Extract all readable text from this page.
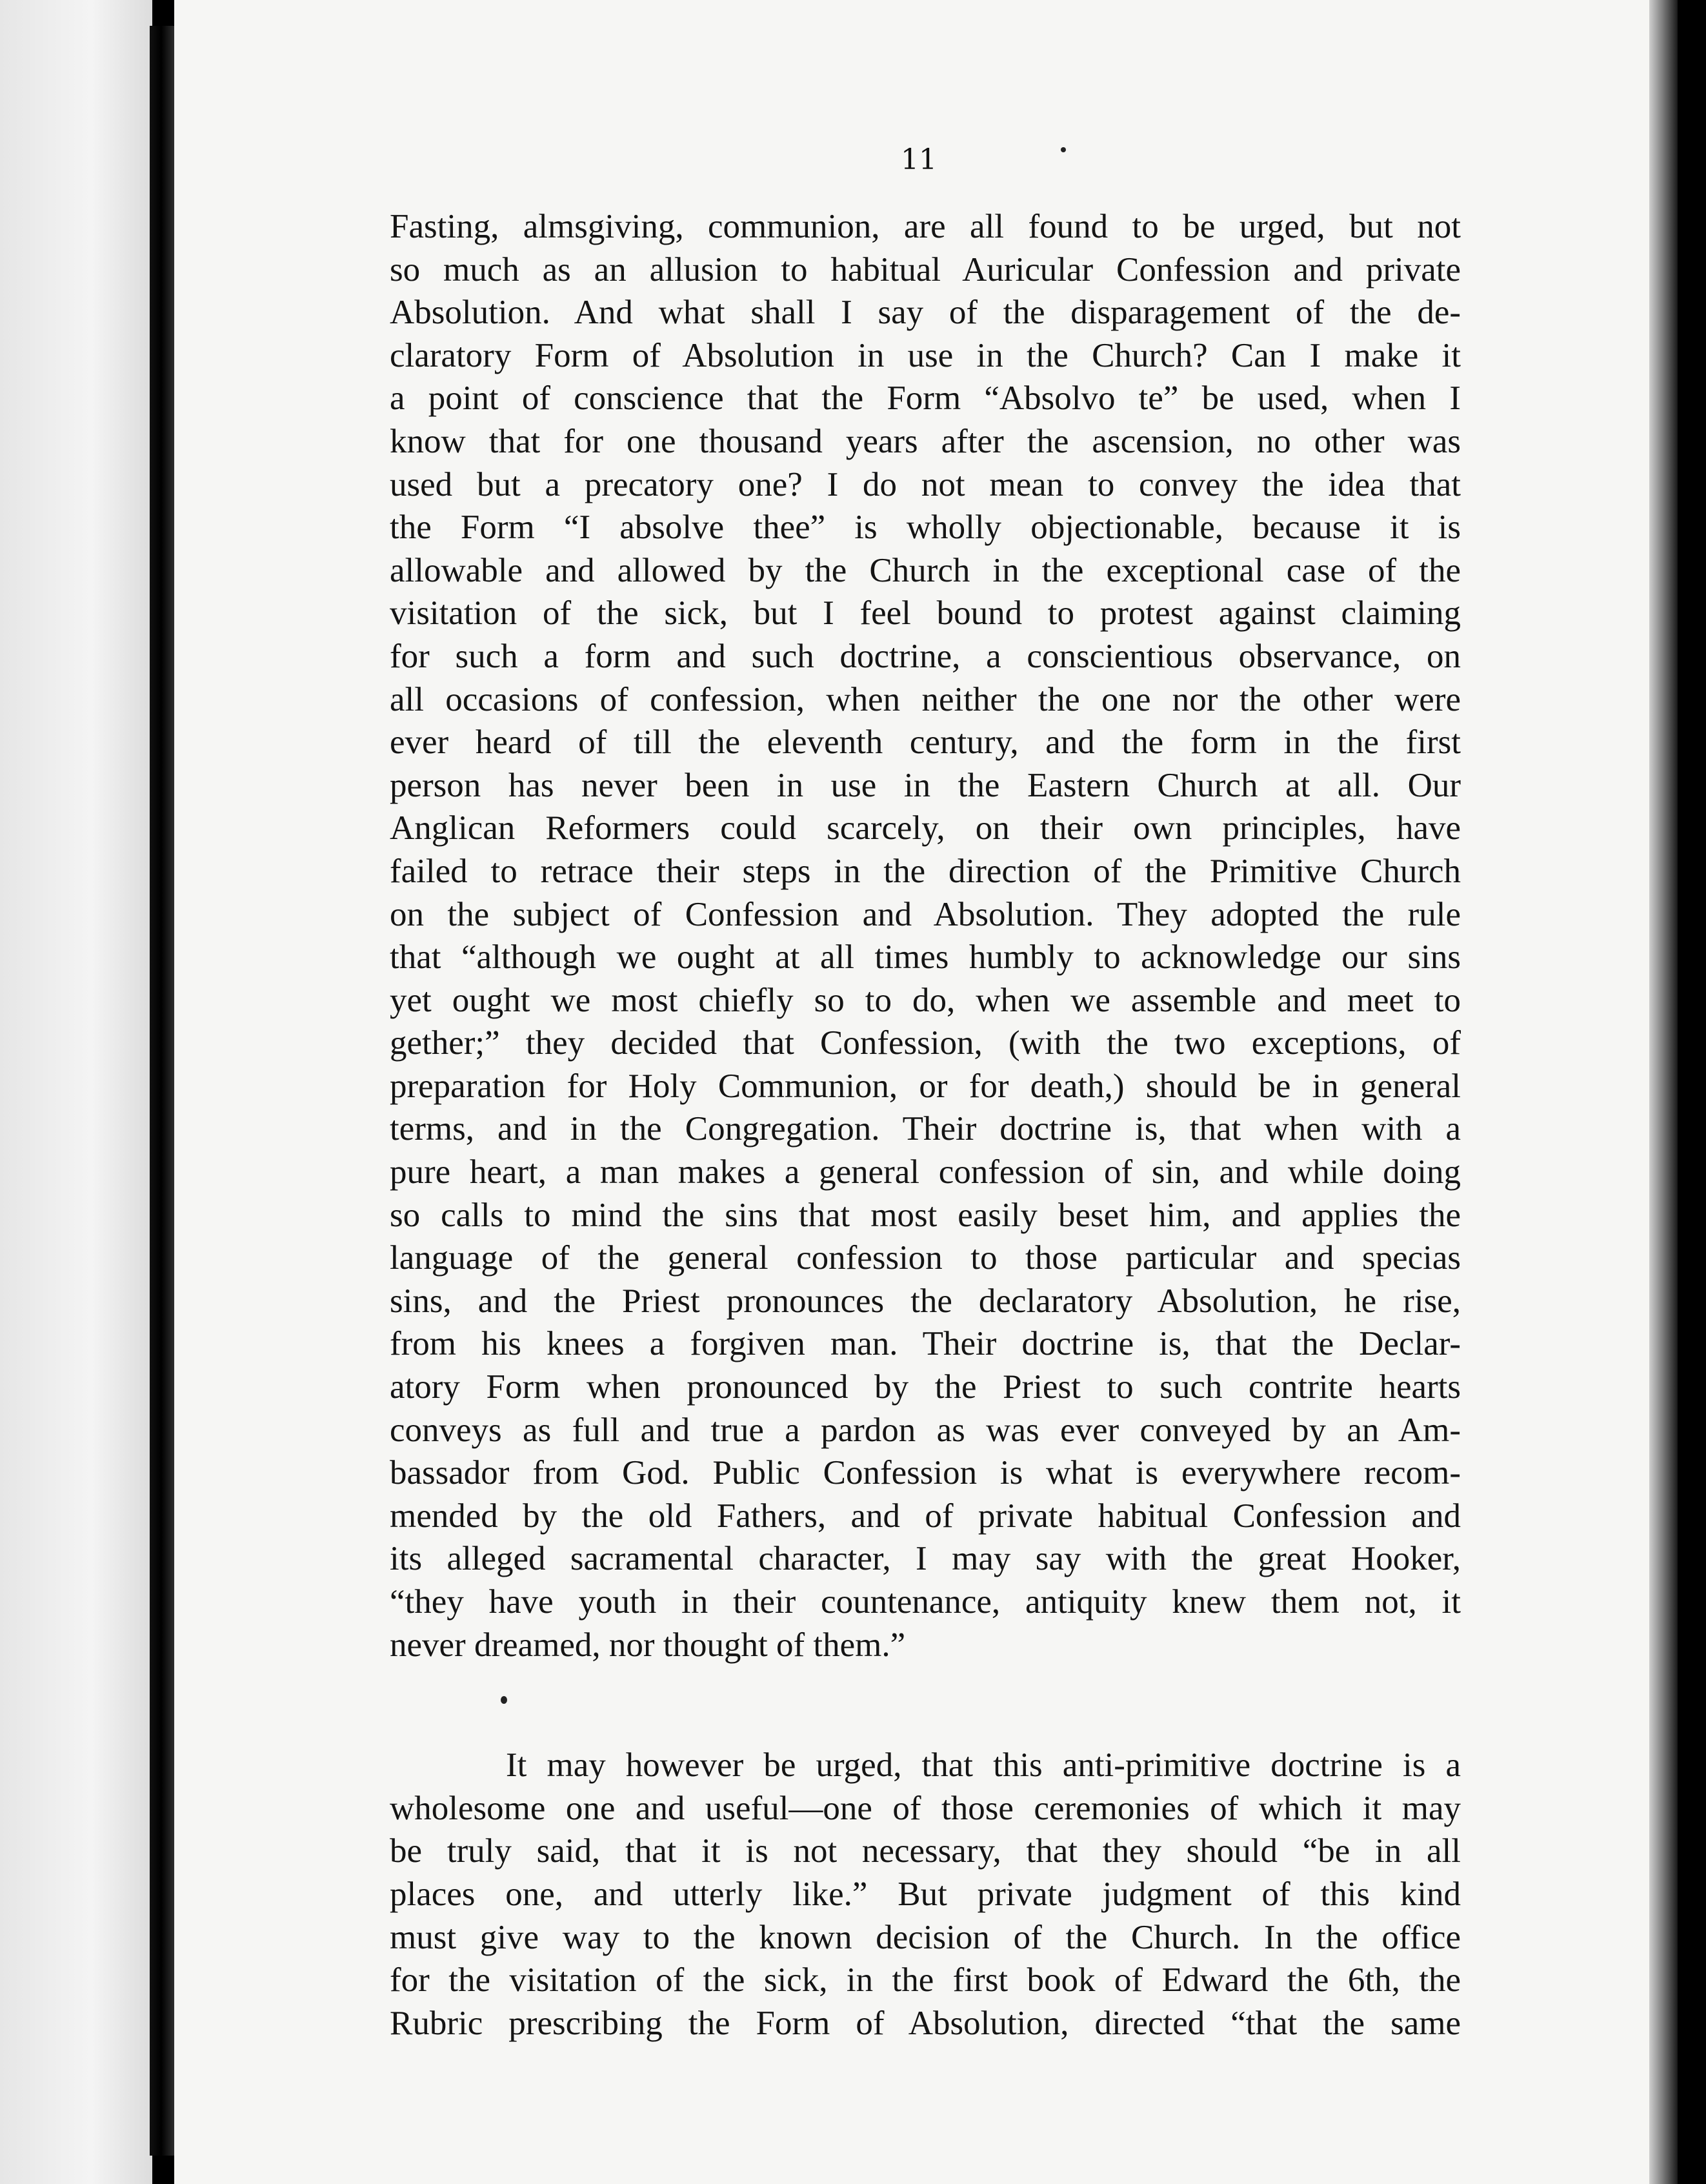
11

Fasting, almsgiving, communion, are all found to be urged, but not

so much as an allusion to habitual Auricular Confession and private

Absolution. And what shall I say of the disparagement of the de-

claratory Form of Absolution in use in the Church? Can I make it

a point of conscience that the Form “Absolvo te” be used, when I

know that for one thousand years after the ascension, no other was

used but a precatory one? I do not mean to convey the idea that

the Form “I absolve thee” is wholly objectionable, because it is

allowable and allowed by the Church in the exceptional case of the

visitation of the sick, but I feel bound to protest against claiming

for such a form and such doctrine, a conscientious observance, on

all occasions of confession, when neither the one nor the other were

ever heard of till the eleventh century, and the form in the first

person has never been in use in the Eastern Church at all. Our

Anglican Reformers could scarcely, on their own principles, have

failed to retrace their steps in the direction of the Primitive Church

on the subject of Confession and Absolution. They adopted the rule

that “although we ought at all times humbly to acknowledge our sins

yet ought we most chiefly so to do, when we assemble and meet to

gether;” they decided that Confession, (with the two exceptions, of

preparation for Holy Communion, or for death,) should be in general

terms, and in the Congregation. Their doctrine is, that when with a

pure heart, a man makes a general confession of sin, and while doing

so calls to mind the sins that most easily beset him, and applies the

language of the general confession to those particular and specias

sins, and the Priest pronounces the declaratory Absolution, he rise,

from his knees a forgiven man. Their doctrine is, that the Declar-

atory Form when pronounced by the Priest to such contrite hearts

conveys as full and true a pardon as was ever conveyed by an Am-

bassador from God. Public Confession is what is everywhere recom-

mended by the old Fathers, and of private habitual Confession and

its alleged sacramental character, I may say with the great Hooker,

“they have youth in their countenance, antiquity knew them not, it

never dreamed, nor thought of them.”

It may however be urged, that this anti-primitive doctrine is a

wholesome one and useful—one of those ceremonies of which it may

be truly said, that it is not necessary, that they should “be in all

places one, and utterly like.” But private judgment of this kind

must give way to the known decision of the Church. In the office

for the visitation of the sick, in the first book of Edward the 6th, the

Rubric prescribing the Form of Absolution, directed “that the same
